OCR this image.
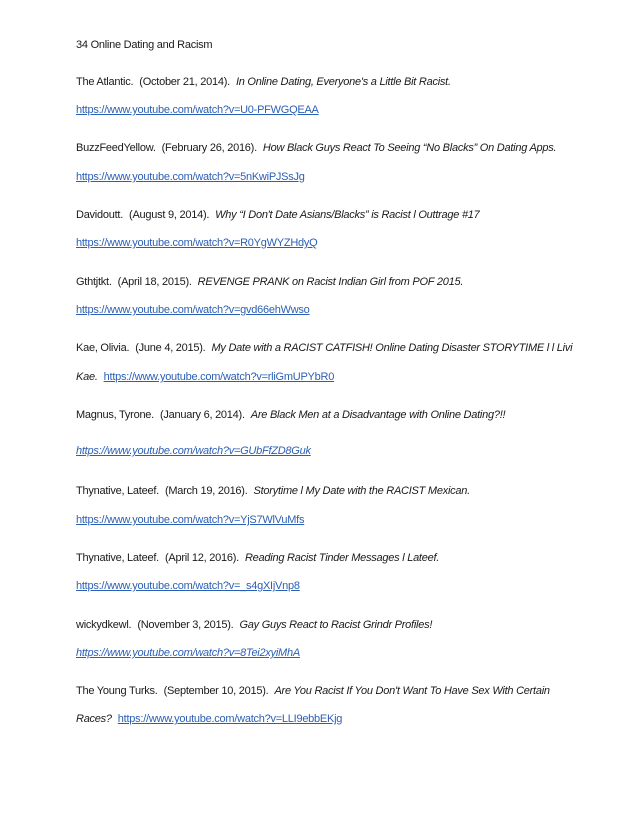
34 Online Dating and Racism
The Atlantic. (October 21, 2014). In Online Dating, Everyone's a Little Bit Racist.
https://www.youtube.com/watch?v=U0-PFWGQEAA
BuzzFeedYellow. (February 26, 2016). How Black Guys React To Seeing “No Blacks” On Dating Apps.
https://www.youtube.com/watch?v=5nKwiPJSsJg
Davidoutt. (August 9, 2014). Why “I Don't Date Asians/Blacks” is Racist l Outtrage #17
https://www.youtube.com/watch?v=R0YgWYZHdyQ
Gthtjtkt. (April 18, 2015). REVENGE PRANK on Racist Indian Girl from POF 2015.
https://www.youtube.com/watch?v=gvd66ehWwso
Kae, Olivia. (June 4, 2015). My Date with a RACIST CATFISH! Online Dating Disaster STORYTIME l l Livi
Kae. https://www.youtube.com/watch?v=rliGmUPYbR0
Magnus, Tyrone. (January 6, 2014). Are Black Men at a Disadvantage with Online Dating?!!
https://www.youtube.com/watch?v=GUbFfZD8Guk
Thynative, Lateef. (March 19, 2016). Storytime l My Date with the RACIST Mexican.
https://www.youtube.com/watch?v=YjS7WlVuMfs
Thynative, Lateef. (April 12, 2016). Reading Racist Tinder Messages l Lateef.
https://www.youtube.com/watch?v=_s4gXIjVnp8
wickydkewl. (November 3, 2015). Gay Guys React to Racist Grindr Profiles!
https://www.youtube.com/watch?v=8Tei2xyiMhA
The Young Turks. (September 10, 2015). Are You Racist If You Don't Want To Have Sex With Certain
Races? https://www.youtube.com/watch?v=LLI9ebbEKjg
